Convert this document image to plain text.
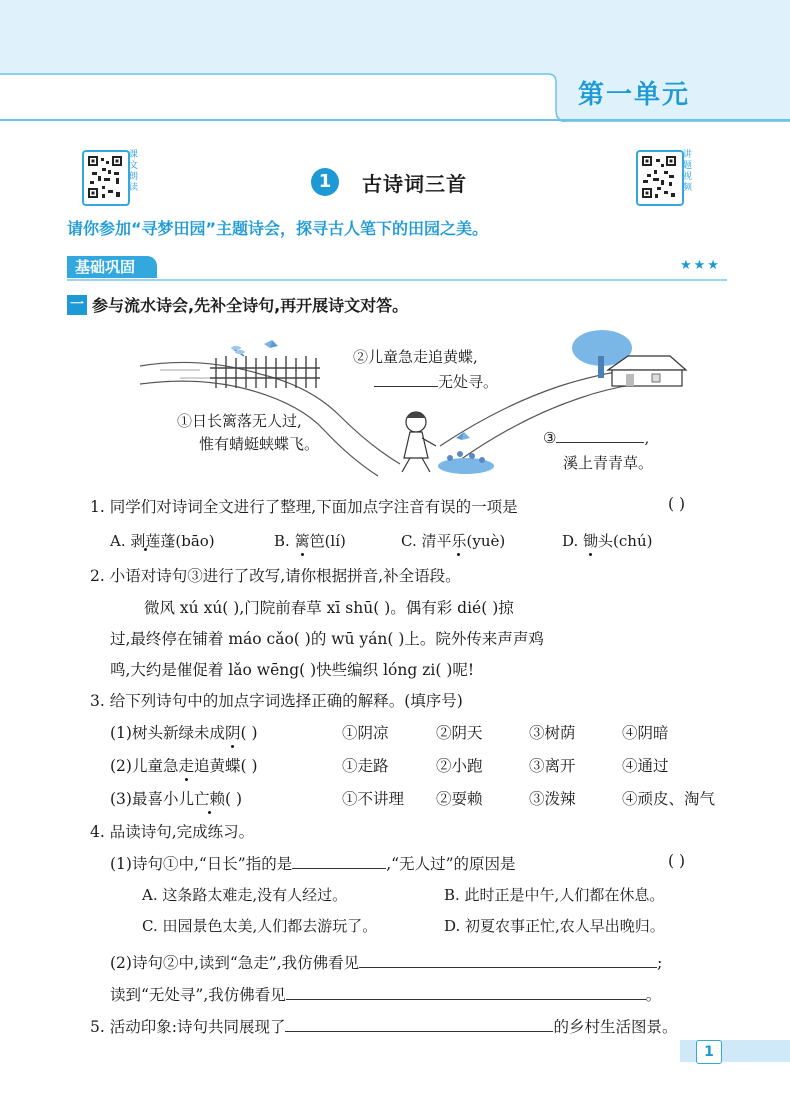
第一单元
课文朗读
讲题视频
1	古诗词三首
请你参加“寻梦田园”主题诗会，探寻古人笔下的田园之美。
基础巩固	★★★
一 参与流水诗会,先补全诗句,再开展诗文对答。
①日长篱落无人过,
惟有蜻蜓蛱蝶飞。
②儿童急走追黄蝶,
无处寻。
③	,
溪上青青草。
1. 同学们对诗词全文进行了整理,下面加点字注音有误的一项是	( )
A. 剥莲蓬(bāo)	B. 篱笆(lí)	C. 清平乐(yuè)	D. 锄头(chú)
2. 小语对诗句③进行了改写,请你根据拼音,补全语段。
微风 xú xú( ),门院前春草 xī shū( )。偶有彩 dié( )掠
过,最终停在铺着 máo cǎo( )的 wū yán( )上。院外传来声声鸡
鸣,大约是催促着 lǎo wēng( )快些编织 lóng zi( )呢!
3. 给下列诗句中的加点字词选择正确的解释。(填序号)
(1)树头新绿未成阴( )	①阴凉	②阴天	③树荫	④阴暗
(2)儿童急走追黄蝶( )	①走路	②小跑	③离开	④通过
(3)最喜小儿亡赖( )	①不讲理 ②耍赖	③泼辣	④顽皮、淘气
4. 品读诗句,完成练习。
(1)诗句①中,“日长”指的是	,“无人过”的原因是	( )
A. 这条路太难走,没有人经过。	B. 此时正是中午,人们都在休息。
C. 田园景色太美,人们都去游玩了。	D. 初夏农事正忙,农人早出晚归。
(2)诗句②中,读到“急走”,我仿佛看见	;
读到“无处寻”,我仿佛看见	。
5. 活动印象:诗句共同展现了	的乡村生活图景。
1
